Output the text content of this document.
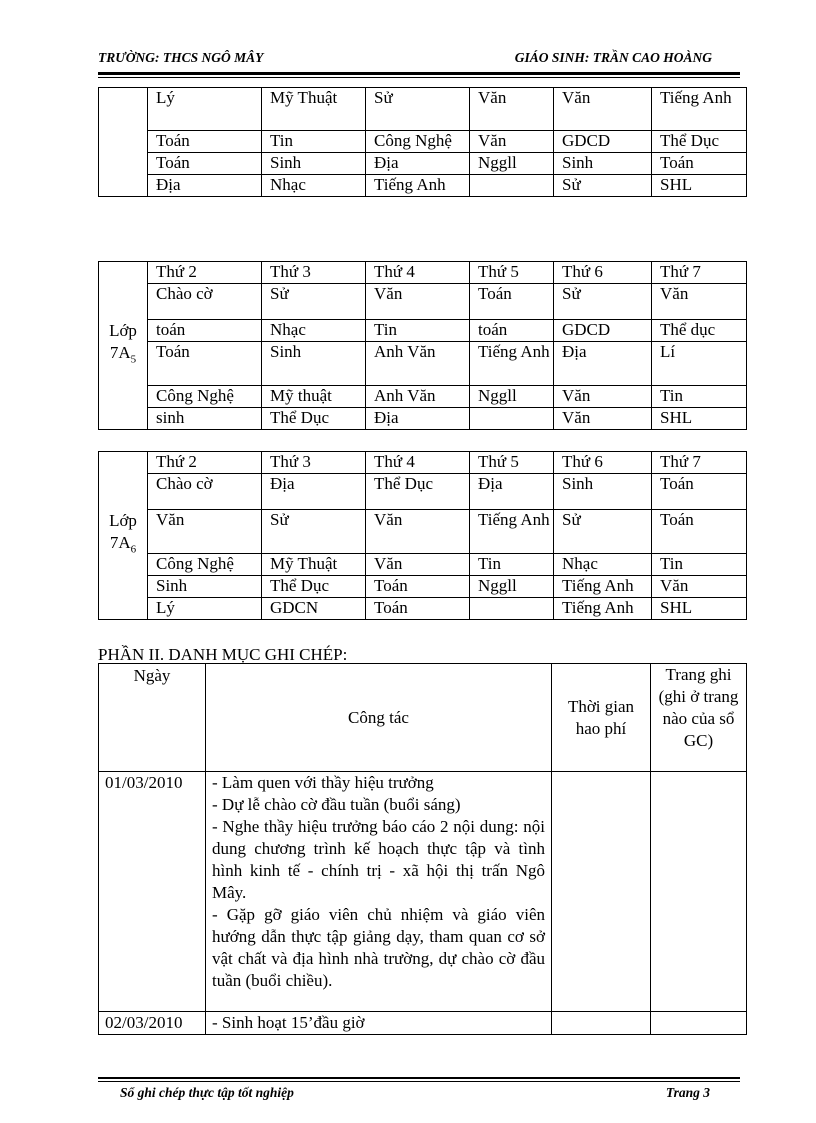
TRƯỜNG: THCS NGÔ MÂY	GIÁO SINH: TRẦN CAO HOÀNG
	Lý	Mỹ Thuật	Sử	Văn	Văn	Tiếng Anh
	Toán	Tin	Công Nghệ	Văn	GDCD	Thể Dục
	Toán	Sinh	Địa	Nggll	Sinh	Toán
	Địa	Nhạc	Tiếng Anh		Sử	SHL
Lớp
$7A_5$	Thứ 2	Thứ 3	Thứ 4	Thứ 5	Thứ 6	Thứ 7
	Chào cờ	Sử	Văn	Toán	Sử	Văn
	toán	Nhạc	Tin	toán	GDCD	Thể dục
	Toán	Sinh	Anh Văn	Tiếng Anh	Địa	Lí
	Công Nghệ	Mỹ thuật	Anh Văn	Nggll	Văn	Tin
	sinh	Thể Dục	Địa		Văn	SHL
Lớp
$7A_6$	Thứ 2	Thứ 3	Thứ 4	Thứ 5	Thứ 6	Thứ 7
	Chào cờ	Địa	Thể Dục	Địa	Sinh	Toán
	Văn	Sử	Văn	Tiếng Anh	Sử	Toán
	Công Nghệ	Mỹ Thuật	Văn	Tin	Nhạc	Tin
	Sinh	Thể Dục	Toán	Nggll	Tiếng Anh	Văn
	Lý	GDCN	Toán		Tiếng Anh	SHL
PHẦN II. DANH MỤC GHI CHÉP:
Ngày	Công tác	Thời gian hao phí	Trang ghi (ghi ở trang nào của sổ GC)
01/03/2010	- Làm quen với thầy hiệu trưởng
- Dự lễ chào cờ đầu tuần (buổi sáng)
- Nghe thầy hiệu trưởng báo cáo 2 nội dung: nội dung chương trình kế hoạch thực tập và tình hình kinh tế - chính trị - xã hội thị trấn Ngô Mây.
- Gặp gỡ giáo viên chủ nhiệm và giáo viên hướng dẫn thực tập giảng dạy, tham quan cơ sở vật chất và địa hình nhà trường, dự chào cờ đầu tuần (buổi chiều).		

02/03/2010	- Sinh hoạt 15’đầu giờ		

Sổ ghi chép thực tập tốt nghiệp	Trang 3
